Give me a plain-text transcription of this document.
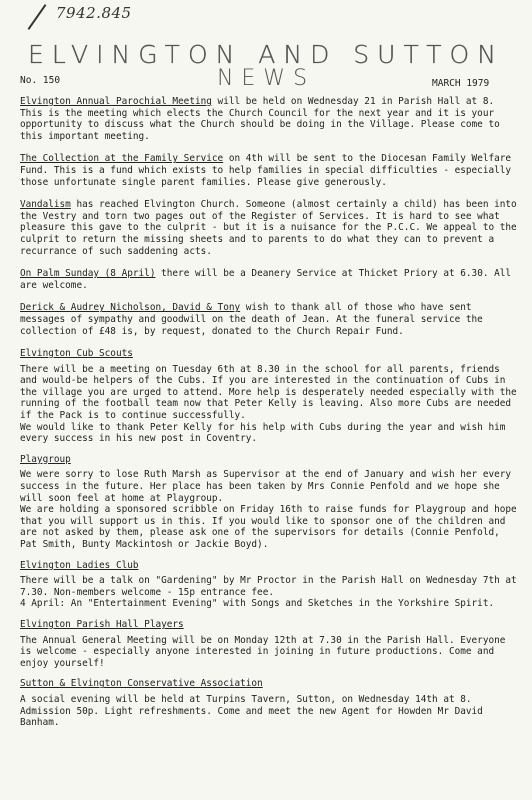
7942.845
ELVINGTON AND SUTTON
NEWS
No. 150	MARCH 1979

Elvington Annual Parochial Meeting will be held on Wednesday 21 in Parish Hall at 8. This is the meeting which elects the Church Council for the next year and it is your opportunity to discuss what the Church should be doing in the Village. Please come to this important meeting.

The Collection at the Family Service on 4th will be sent to the Diocesan Family Welfare Fund. This is a fund which exists to help families in special difficulties - especially those unfortunate single parent families. Please give generously.

Vandalism has reached Elvington Church. Someone (almost certainly a child) has been into the Vestry and torn two pages out of the Register of Services. It is hard to see what pleasure this gave to the culprit - but it is a nuisance for the P.C.C. We appeal to the culprit to return the missing sheets and to parents to do what they can to prevent a recurrance of such saddening acts.

On Palm Sunday (8 April) there will be a Deanery Service at Thicket Priory at 6.30. All are welcome.

Derick & Audrey Nicholson, David & Tony wish to thank all of those who have sent messages of sympathy and goodwill on the death of Jean. At the funeral service the collection of £48 is, by request, donated to the Church Repair Fund.

Elvington Cub Scouts
There will be a meeting on Tuesday 6th at 8.30 in the school for all parents, friends and would-be helpers of the Cubs. If you are interested in the continuation of Cubs in the village you are urged to attend. More help is desperately needed especially with the running of the football team now that Peter Kelly is leaving. Also more Cubs are needed if the Pack is to continue successfully.
We would like to thank Peter Kelly for his help with Cubs during the year and wish him every success in his new post in Coventry.
Playgroup
We were sorry to lose Ruth Marsh as Supervisor at the end of January and wish her every success in the future. Her place has been taken by Mrs Connie Penfold and we hope she will soon feel at home at Playgroup.
We are holding a sponsored scribble on Friday 16th to raise funds for Playgroup and hope that you will support us in this. If you would like to sponsor one of the children and are not asked by them, please ask one of the supervisors for details (Connie Penfold, Pat Smith, Bunty Mackintosh or Jackie Boyd).
Elvington Ladies Club
There will be a talk on "Gardening" by Mr Proctor in the Parish Hall on Wednesday 7th at 7.30. Non-members welcome - 15p entrance fee.
4 April: An "Entertainment Evening" with Songs and Sketches in the Yorkshire Spirit.
Elvington Parish Hall Players
The Annual General Meeting will be on Monday 12th at 7.30 in the Parish Hall. Everyone is welcome - especially anyone interested in joining in future productions. Come and enjoy yourself!
Sutton & Elvington Conservative Association
A social evening will be held at Turpins Tavern, Sutton, on Wednesday 14th at 8. Admission 50p. Light refreshments. Come and meet the new Agent for Howden Mr David Banham.
